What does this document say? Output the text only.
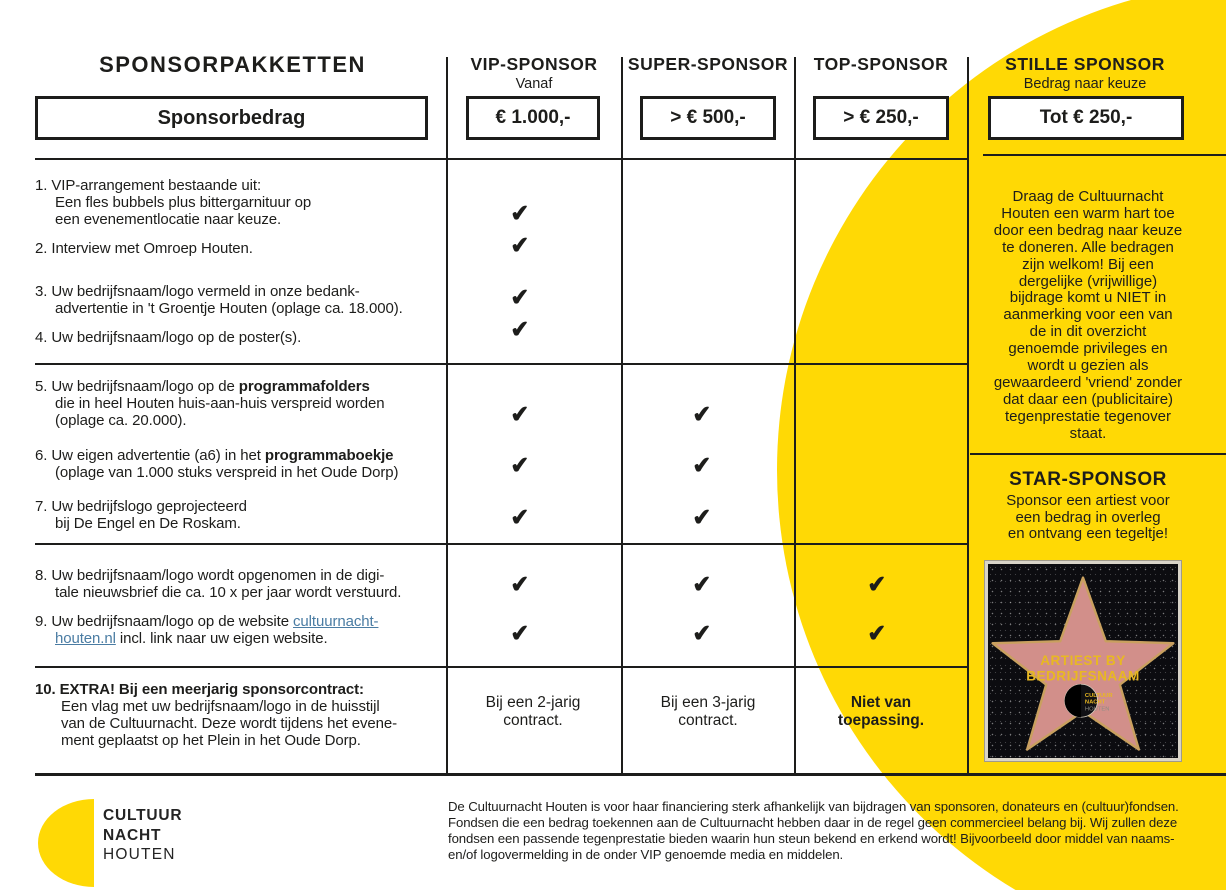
SPONSORPAKKETTEN
Sponsorbedrag
VIP-SPONSOR
Vanaf
€ 1.000,-
SUPER-SPONSOR
> € 500,-
TOP-SPONSOR
> € 250,-
STILLE SPONSOR
Bedrag naar keuze
Tot € 250,-
1. VIP-arrangement bestaande uit:
Een fles bubbels plus bittergarnituur op
een evenementlocatie naar keuze.
2. Interview met Omroep Houten.
3. Uw bedrijfsnaam/logo vermeld in onze bedank-
advertentie in 't Groentje Houten (oplage ca. 18.000).
4. Uw bedrijfsnaam/logo op de poster(s).
5. Uw bedrijfsnaam/logo op de programmafolders
die in heel Houten huis-aan-huis verspreid worden
(oplage ca. 20.000).
6. Uw eigen advertentie (a6) in het programmaboekje
(oplage van 1.000 stuks verspreid in het Oude Dorp)
7. Uw bedrijfslogo geprojecteerd
bij De Engel en De Roskam.
8. Uw bedrijfsnaam/logo wordt opgenomen in de digi-
tale nieuwsbrief die ca. 10 x per jaar wordt verstuurd.
9. Uw bedrijfsnaam/logo op de website cultuurnacht-
houten.nl incl. link naar uw eigen website.
10. EXTRA! Bij een meerjarig sponsorcontract:
Een vlag met uw bedrijfsnaam/logo in de huisstijl
van de Cultuurnacht. Deze wordt tijdens het evene-
ment geplaatst op het Plein in het Oude Dorp.
Bij een 2-jarig
contract.
Bij een 3-jarig
contract.
Niet van
toepassing.
Draag de Cultuurnacht
Houten een warm hart toe
door een bedrag naar keuze
te doneren. Alle bedragen
zijn welkom! Bij een
dergelijke (vrijwillige)
bijdrage komt u NIET in
aanmerking voor een van
de in dit overzicht
genoemde privileges en
wordt u gezien als
gewaardeerd 'vriend' zonder
dat daar een (publicitaire)
tegenprestatie tegenover
staat.
STAR-SPONSOR
Sponsor een artiest voor
een bedrag in overleg
en ontvang een tegeltje!
ARTIEST BY
BEDRIJFSNAAM
CULTUUR
NACHT
HOUTEN
CULTUUR
NACHT
HOUTEN
De Cultuurnacht Houten is voor haar financiering sterk afhankelijk van bijdragen van sponsoren, donateurs en (cultuur)fondsen.
Fondsen die een bedrag toekennen aan de Cultuurnacht hebben daar in de regel geen commercieel belang bij. Wij zullen deze
fondsen een passende tegenprestatie bieden waarin hun steun bekend en erkend wordt! Bijvoorbeeld door middel van naams-
en/of logovermelding in de onder VIP genoemde media en middelen.
✔
✔
✔
✔
✔
✔
✔
✔
✔
✔
✔
✔
✔
✔
✔
✔
